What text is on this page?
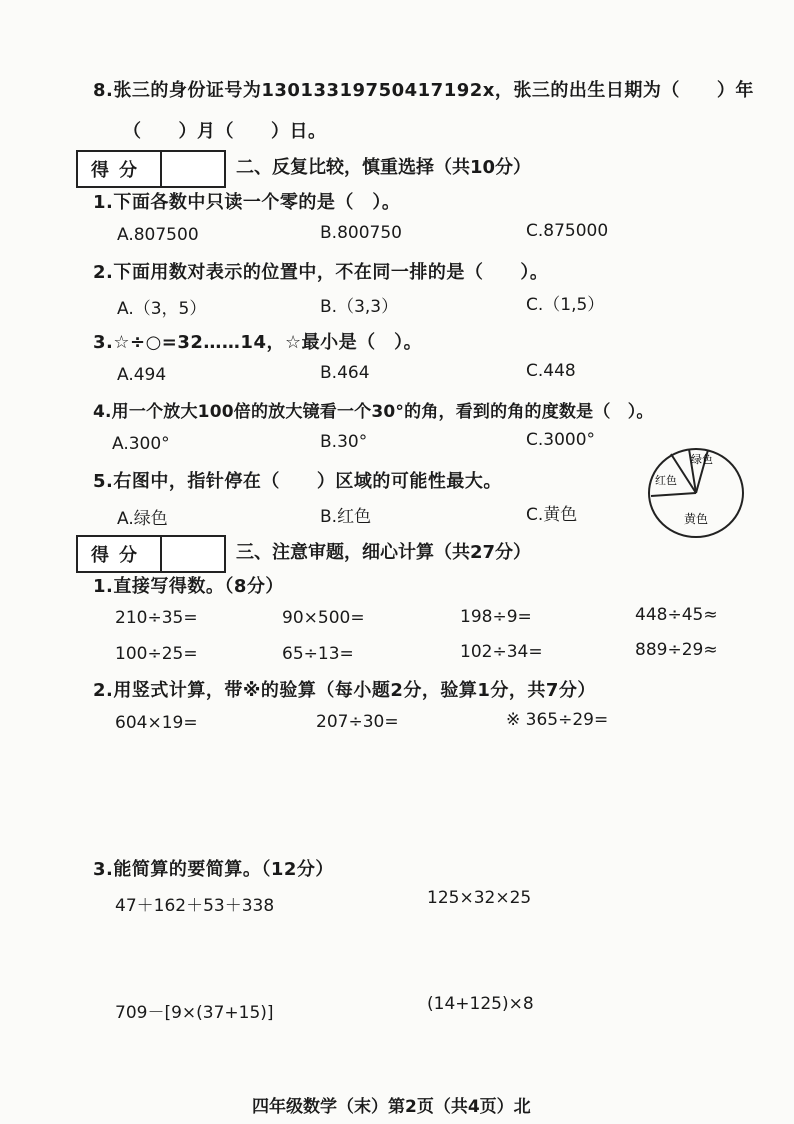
8.张三的身份证号为13013319750417192x，张三的出生日期为（　　）年
（　　）月（　　）日。
得分	二、反复比较，慎重选择（共10分）
1.下面各数中只读一个零的是（　）。
A.807500	B.800750	C.875000
2.下面用数对表示的位置中，不在同一排的是（　　）。
A.（3，5）	B.（3,3）	C.（1,5）
3.☆÷○=32……14，☆最小是（　）。
A.494	B.464	C.448
4.用一个放大100倍的放大镜看一个30°的角，看到的角的度数是（　）。
A.300°	B.30°	C.3000°
5.右图中，指针停在（　　）区域的可能性最大。
A.绿色	B.红色	C.黄色
绿色
红色
黄色
得分	三、注意审题，细心计算（共27分）
1.直接写得数。（8分）
210÷35=	90×500=	198÷9=	448÷45≈
100÷25=	65÷13=	102÷34=	889÷29≈
2.用竖式计算，带※的验算（每小题2分，验算1分，共7分）
604×19=	207÷30=	※ 365÷29=
3.能简算的要简算。（12分）
47＋162＋53＋338	125×32×25
709－[9×(37+15)]	(14+125)×8
四年级数学（末）第2页（共4页）北
